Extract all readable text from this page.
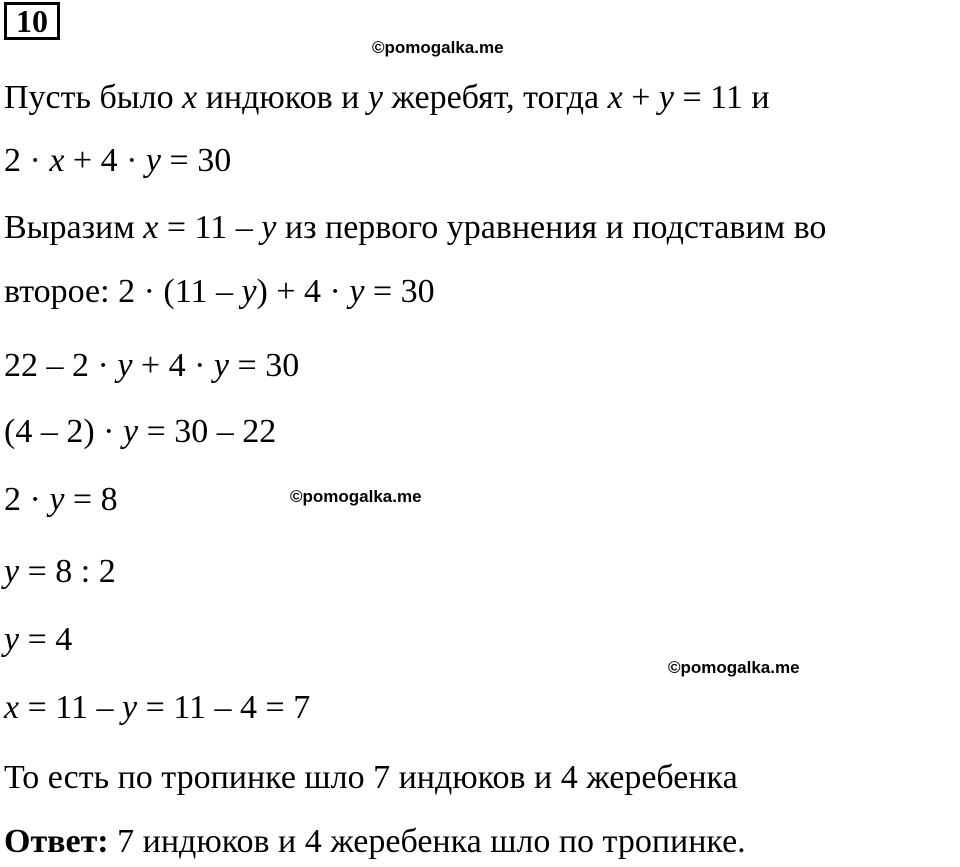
10
©pomogalka.me
©pomogalka.me
©pomogalka.me
Пусть было x индюков и y жеребят, тогда x + y = 11 и
2 · x + 4 · y = 30
Выразим x = 11 – y из первого уравнения и подставим во
второе: 2 · (11 – y) + 4 · y = 30
22 – 2 · y + 4 · y = 30
(4 – 2) · y = 30 – 22
2 · y = 8
y = 8 : 2
y = 4
x = 11 – y = 11 – 4 = 7
То есть по тропинке шло 7 индюков и 4 жеребенка
Ответ: 7 индюков и 4 жеребенка шло по тропинке.
